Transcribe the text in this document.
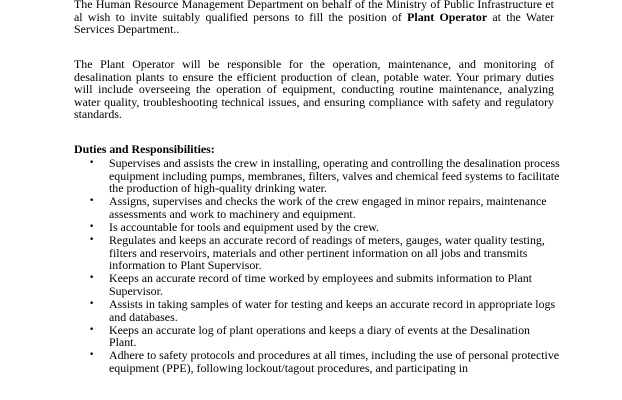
The Human Resource Management Department on behalf of the Ministry of Public Infrastructure et al wish to invite suitably qualified persons to fill the position of Plant Operator at the Water Services Department..

The Plant Operator will be responsible for the operation, maintenance, and monitoring of desalination plants to ensure the efficient production of clean, potable water. Your primary duties will include overseeing the operation of equipment, conducting routine maintenance, analyzing water quality, troubleshooting technical issues, and ensuring compliance with safety and regulatory standards.

Duties and Responsibilities:

• Supervises and assists the crew in installing, operating and controlling the desalination process equipment including pumps, membranes, filters, valves and chemical feed systems to facilitate the production of high-quality drinking water.
• Assigns, supervises and checks the work of the crew engaged in minor repairs, maintenance assessments and work to machinery and equipment.
• Is accountable for tools and equipment used by the crew.
• Regulates and keeps an accurate record of readings of meters, gauges, water quality testing, filters and reservoirs, materials and other pertinent information on all jobs and transmits information to Plant Supervisor.
• Keeps an accurate record of time worked by employees and submits information to Plant Supervisor.
• Assists in taking samples of water for testing and keeps an accurate record in appropriate logs and databases.
• Keeps an accurate log of plant operations and keeps a diary of events at the Desalination Plant.
• Adhere to safety protocols and procedures at all times, including the use of personal protective equipment (PPE), following lockout/tagout procedures, and participating in
